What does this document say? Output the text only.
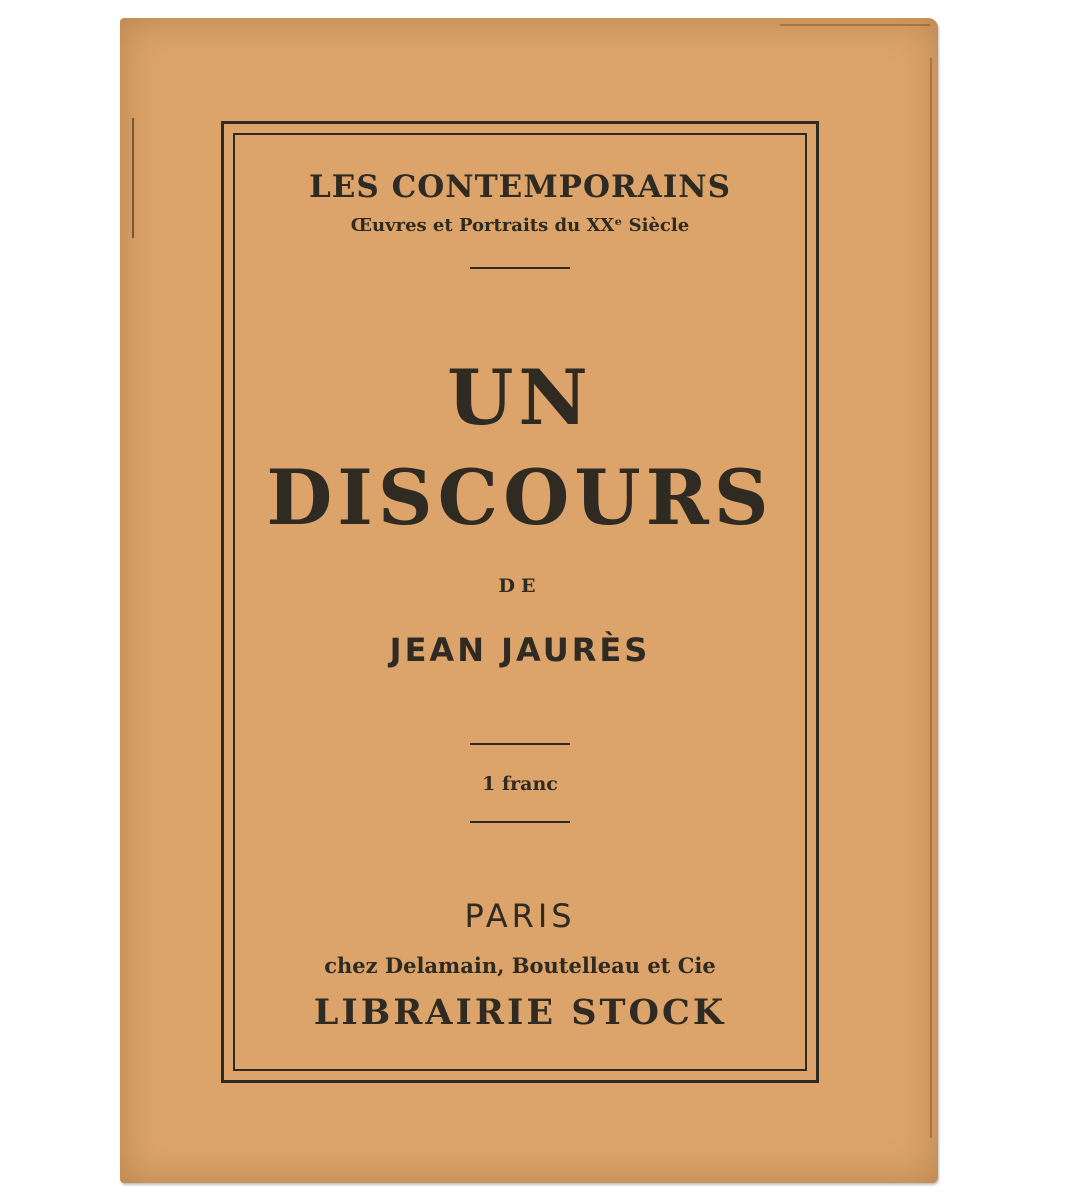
LES CONTEMPORAINS
Œuvres et Portraits du XXᵉ Siècle
UN
DISCOURS
DE
JEAN JAURÈS
1 franc
PARIS
chez Delamain, Boutelleau et Cie
LIBRAIRIE STOCK
